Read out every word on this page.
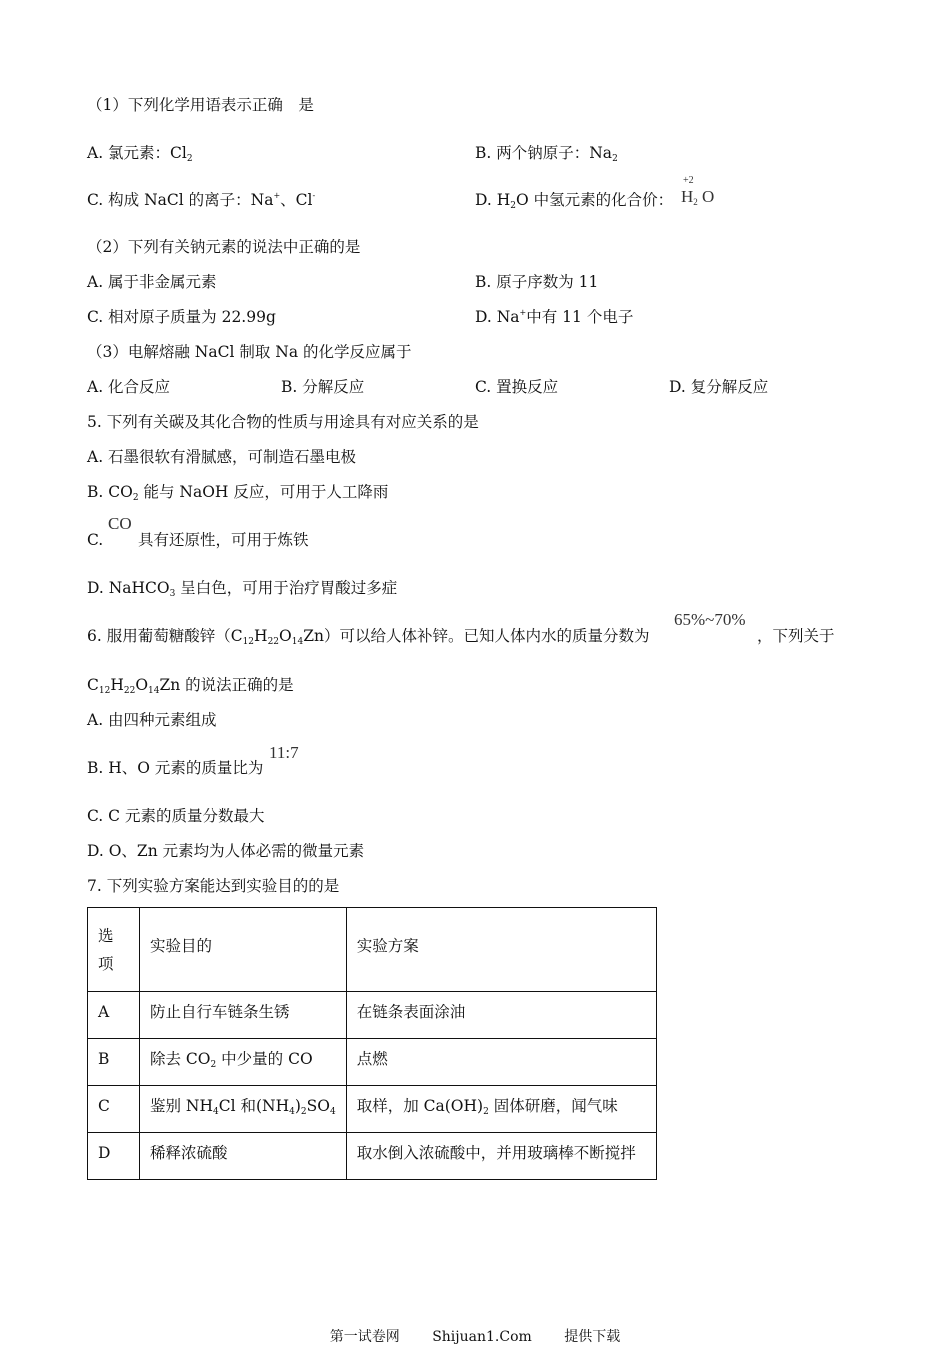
（1）下列化学用语表示正确　是
A. 氯元素：$Cl_2$	B. 两个钠原子：$Na_2$
C. 构成 NaCl 的离子：Na+、Cl-	D. $H_2O$ 中氢元素的化合价： $H_2$ O
+2
（2）下列有关钠元素的说法中正确的是
A. 属于非金属元素	B. 原子序数为 11
C. 相对原子质量为 22.99g	D. Na+中有 11 个电子
（3）电解熔融 NaCl 制取 Na 的化学反应属于
A. 化合反应	B. 分解反应	C. 置换反应	D. 复分解反应
5. 下列有关碳及其化合物的性质与用途具有对应关系的是
A. 石墨很软有滑腻感，可制造石墨电极
B. $CO_2$ 能与 NaOH 反应，可用于人工降雨
C.
CO
具有还原性，可用于炼铁
D. NaHCO$_3$ 呈白色，可用于治疗胃酸过多症
6. 服用葡萄糖酸锌$(C_{12}H_{22}O_{14}Zn)$可以给人体补锌。已知人体内水的质量分数为
65%~70%
，下列关于
$C_{12}H_{22}O_{14}Zn$ 的说法正确的是
A. 由四种元素组成
B. H、O 元素的质量比为
11:7
C. C 元素的质量分数最大
D. O、Zn 元素均为人体必需的微量元素
7. 下列实验方案能达到实验目的的是
选
项	实验目的	实验方案
A	防止自行车链条生锈	在链条表面涂油
B	除去 $CO_2$ 中少量的 CO	点燃
C	鉴别 $NH_4Cl$ 和$(NH_4)_2SO_4$	取样，加 $Ca(OH)_2$ 固体研磨，闻气味
D	稀释浓硫酸	取水倒入浓硫酸中，并用玻璃棒不断搅拌
第一试卷网 Shijuan1.Com 提供下载
